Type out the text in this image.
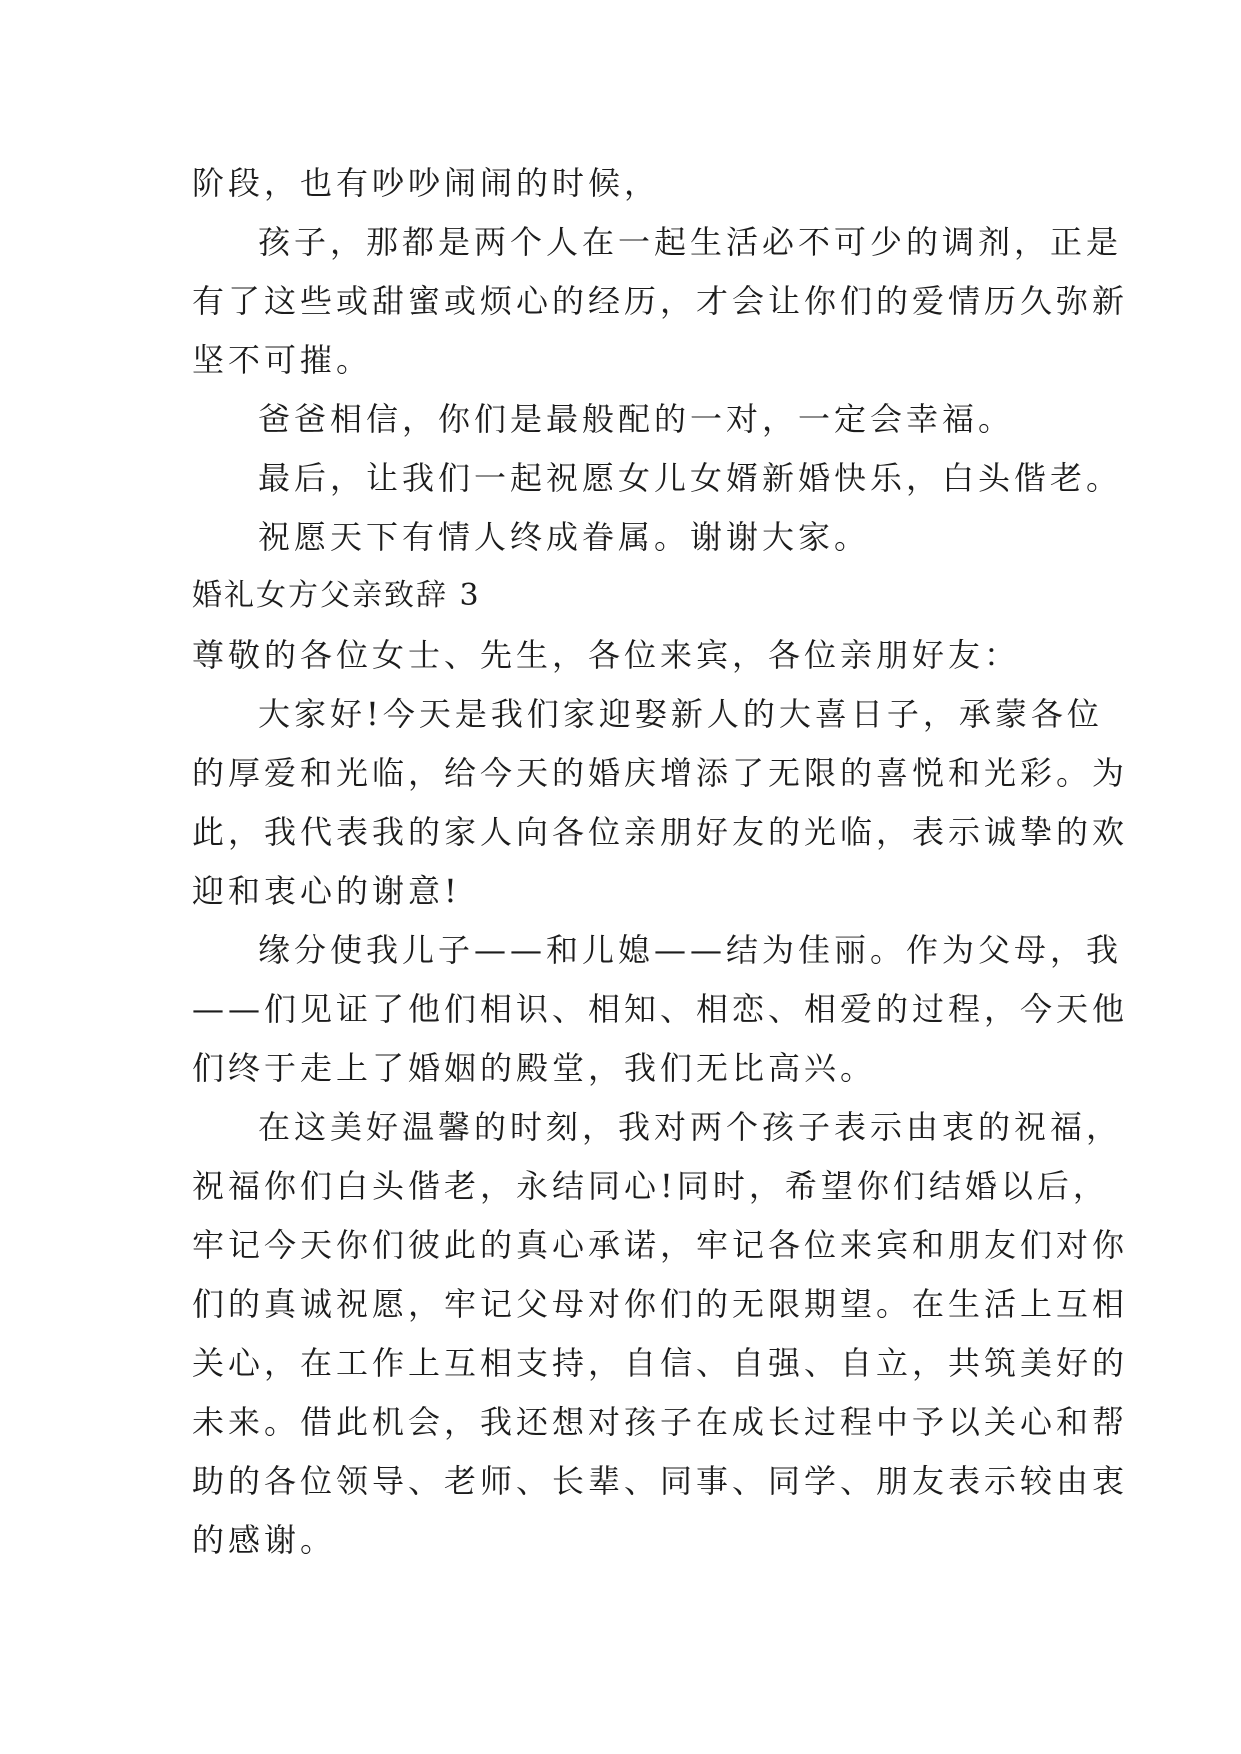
阶段，也有吵吵闹闹的时候，

孩子，那都是两个人在一起生活必不可少的调剂，正是

有了这些或甜蜜或烦心的经历，才会让你们的爱情历久弥新

坚不可摧。

爸爸相信，你们是最般配的一对，一定会幸福。

最后，让我们一起祝愿女儿女婿新婚快乐，白头偕老。

祝愿天下有情人终成眷属。谢谢大家。

婚礼女方父亲致辞 3

尊敬的各位女士、先生，各位来宾，各位亲朋好友：

大家好!今天是我们家迎娶新人的大喜日子，承蒙各位

的厚爱和光临，给今天的婚庆增添了无限的喜悦和光彩。为

此，我代表我的家人向各位亲朋好友的光临，表示诚挚的欢

迎和衷心的谢意!

缘分使我儿子——和儿媳——结为佳丽。作为父母，我

——们见证了他们相识、相知、相恋、相爱的过程，今天他

们终于走上了婚姻的殿堂，我们无比高兴。

在这美好温馨的时刻，我对两个孩子表示由衷的祝福，

祝福你们白头偕老，永结同心!同时，希望你们结婚以后，

牢记今天你们彼此的真心承诺，牢记各位来宾和朋友们对你

们的真诚祝愿，牢记父母对你们的无限期望。在生活上互相

关心，在工作上互相支持，自信、自强、自立，共筑美好的

未来。借此机会，我还想对孩子在成长过程中予以关心和帮

助的各位领导、老师、长辈、同事、同学、朋友表示较由衷

的感谢。
